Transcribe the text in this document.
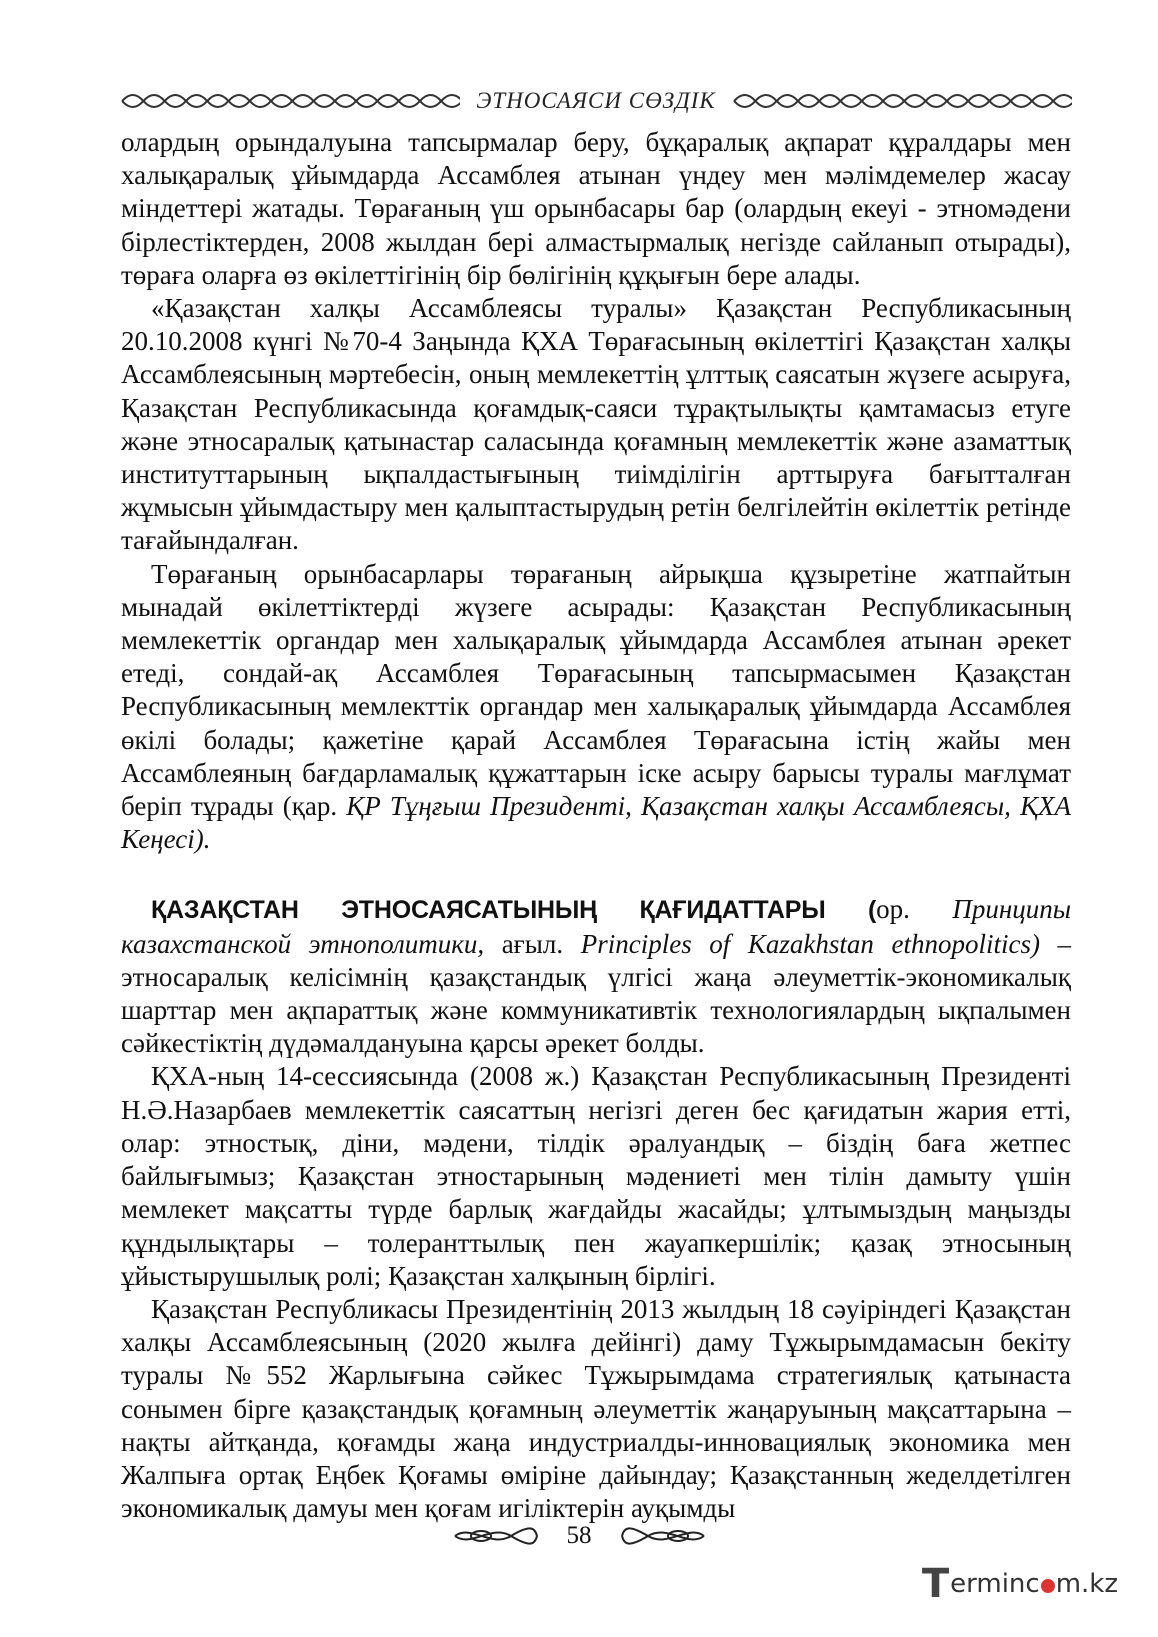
ЭТНОСАЯСИ СӨЗДІК

олардың орындалуына тапсырмалар беру, бұқаралық ақпарат құралдары мен халықаралық ұйымдарда Ассамблея атынан үндеу мен мәлімдемелер жасау міндеттері жатады. Төрағаның үш орынбасары бар (олардың екеуі - этномәдени бірлестіктерден, 2008 жылдан бері алмастырмалық негізде сайланып отырады), төраға оларға өз өкілеттігінің бір бөлігінің құқығын бере алады.

«Қазақстан халқы Ассамблеясы туралы» Қазақстан Республикасының 20.10.2008 күнгі №70-4 Заңында ҚХА Төрағасының өкілеттігі Қазақстан халқы Ассамблеясының мәртебесін, оның мемлекеттің ұлттық саясатын жүзеге асыруға, Қазақстан Республикасында қоғамдық-саяси тұрақтылықты қамтамасыз етуге және этносаралық қатынастар саласында қоғамның мемлекеттік және азаматтық институттарының ықпалдастығының тиімділігін арттыруға бағытталған жұмысын ұйымдастыру мен қалыптастырудың ретін белгілейтін өкілеттік ретінде тағайындалған.

Төрағаның орынбасарлары төрағаның айрықша құзыретіне жатпайтын мынадай өкілеттіктерді жүзеге асырады: Қазақстан Республикасының мемлекеттік органдар мен халықаралық ұйымдарда Ассамблея атынан әрекет етеді, сондай-ақ Ассамблея Төрағасының тапсырмасымен Қазақстан Республикасының мемлекттік органдар мен халықаралық ұйымдарда Ассамблея өкілі болады; қажетіне қарай Ассамблея Төрағасына істің жайы мен Ассамблеяның бағдарламалық құжаттарын іске асыру барысы туралы мағлұмат беріп тұрады (қар. ҚР Тұңғыш Президенті, Қазақстан халқы Ассамблеясы, ҚХА Кеңесі).

ҚАЗАҚСТАН ЭТНОСАЯСАТЫНЫҢ ҚАҒИДАТТАРЫ (ор. Принципы казахстанской этнополитики, ағыл. Principles of Kazakhstan ethnopolitics) – этносаралық келісімнің қазақстандық үлгісі жаңа әлеуметтік-экономикалық шарттар мен ақпараттық және коммуникативтік технологиялардың ықпалымен сәйкестіктің дүдәмалдануына қарсы әрекет болды.

ҚХА-ның 14-сессиясында (2008 ж.) Қазақстан Республикасының Президенті Н.Ә.Назарбаев мемлекеттік саясаттың негізгі деген бес қағидатын жария етті, олар: этностық, діни, мәдени, тілдік әралуандық – біздің баға жетпес байлығымыз; Қазақстан этностарының мәдениеті мен тілін дамыту үшін мемлекет мақсатты түрде барлық жағдайды жасайды; ұлтымыздың маңызды құндылықтары – толеранттылық пен жауапкершілік; қазақ этносының ұйыстырушылық ролі; Қазақстан халқының бірлігі.

Қазақстан Республикасы Президентінің 2013 жылдың 18 сәуіріндегі Қазақстан халқы Ассамблеясының (2020 жылға дейінгі) даму Тұжырымдамасын бекіту туралы №552 Жарлығына сәйкес Тұжырымдама стратегиялық қатынаста сонымен бірге қазақстандық қоғамның әлеуметтік жаңаруының мақсаттарына – нақты айтқанда, қоғамды жаңа индустриалды-инновациялық экономика мен Жалпыға ортақ Еңбек Қоғамы өміріне дайындау; Қазақстанның жеделдетілген экономикалық дамуы мен қоғам игіліктерін ауқымды

58
T erminc m.kz
